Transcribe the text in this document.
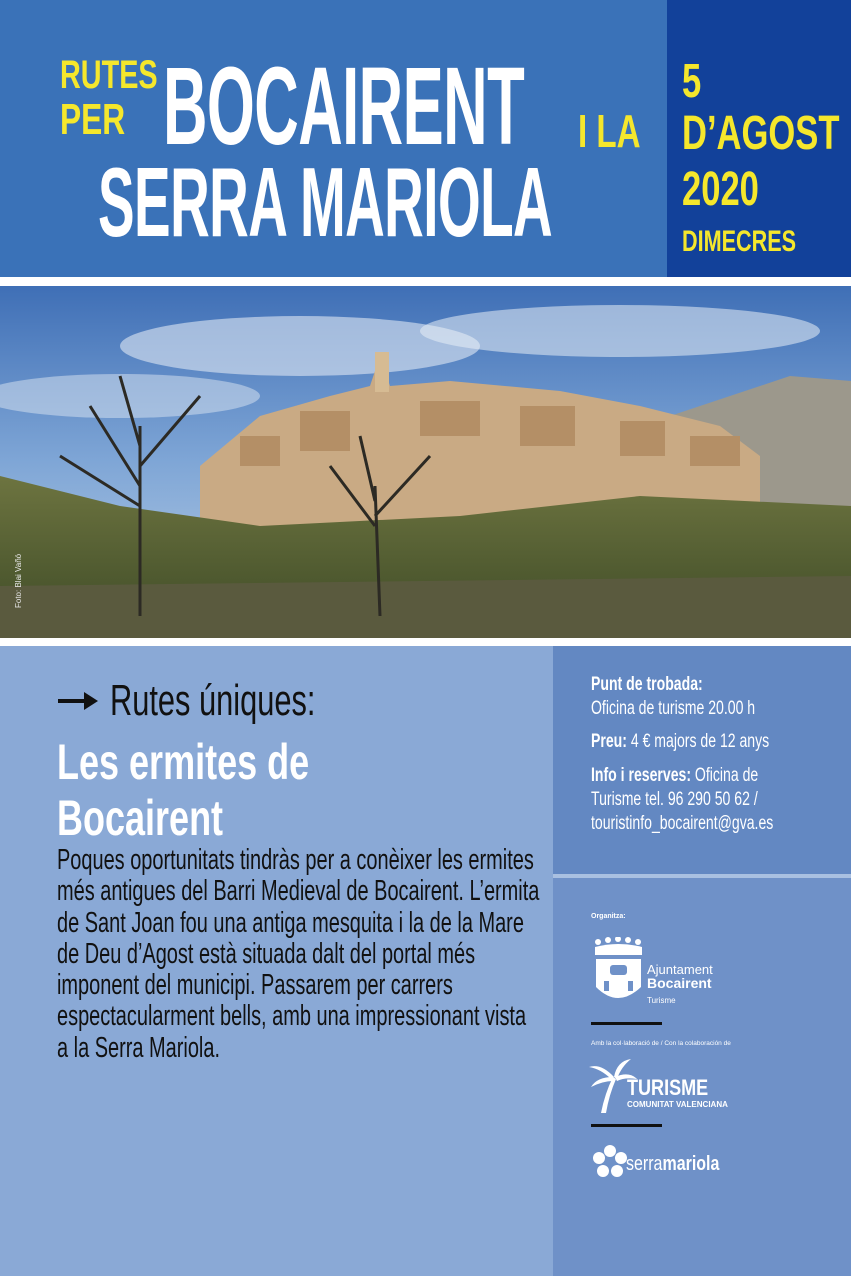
RUTES
PER BOCAIRENT I LA
SERRA MARIOLA
5
D’AGOST
2020
DIMECRES
Foto: Blai Vañó
Rutes úniques:
Les ermites de
Bocairent
Poques oportunitats tindràs per a conèixer les ermites més antigues del Barri Medieval de Bocairent. L’ermita de Sant Joan fou una antiga mesquita i la de la Mare de Deu d’Agost està situada dalt del portal més imponent del municipi. Passarem per carrers espectacularment bells, amb una impressionant vista a la Serra Mariola.
Punt de trobada:
Oficina de turisme 20.00 h
Preu: 4 € majors de 12 anys
Info i reserves: Oficina de
Turisme tel. 96 290 50 62 /
touristinfo_bocairent@gva.es
Organitza:
Ajuntament
Bocairent
Turisme
Amb la col·laboració de / Con la colaboración de
TURISME
COMUNITAT VALENCIANA
serramariola
